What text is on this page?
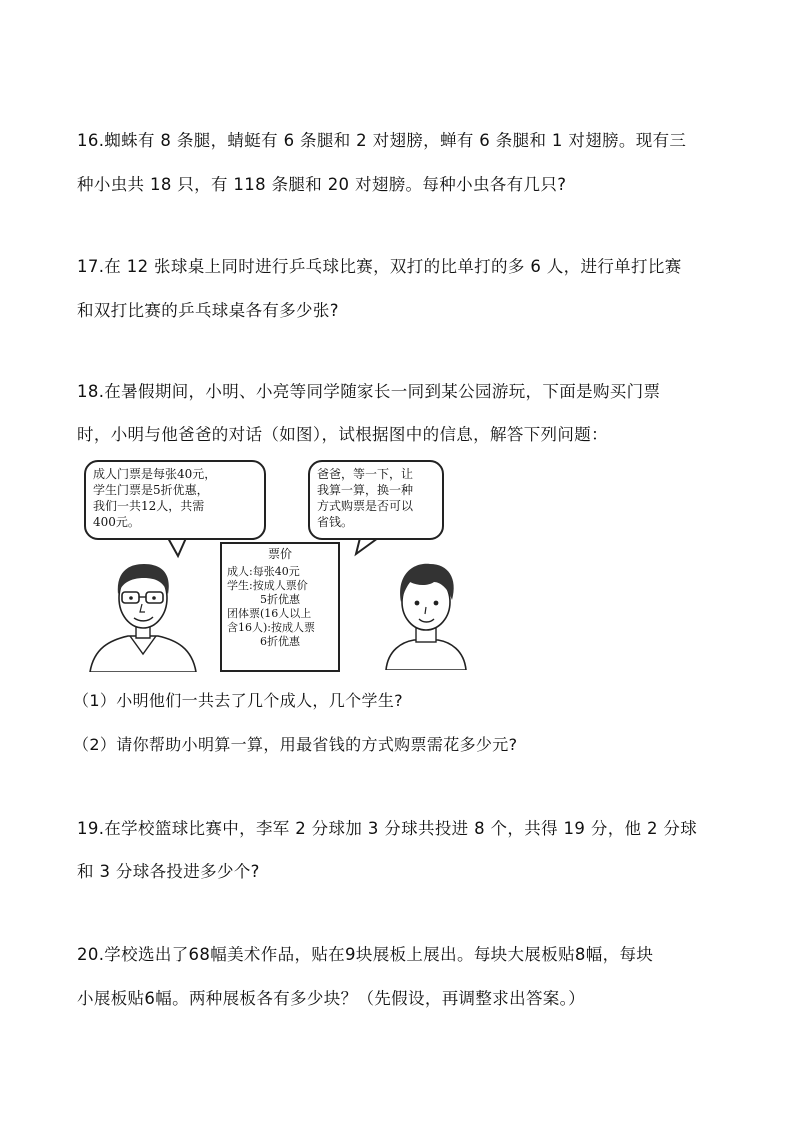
16.蜘蛛有 8 条腿，蜻蜓有 6 条腿和 2 对翅膀，蝉有 6 条腿和 1 对翅膀。现有三
种小虫共 18 只，有 118 条腿和 20 对翅膀。每种小虫各有几只?
17.在 12 张球桌上同时进行乒乓球比赛，双打的比单打的多 6 人，进行单打比赛
和双打比赛的乒乓球桌各有多少张?
18.在暑假期间，小明、小亮等同学随家长一同到某公园游玩，下面是购买门票
时，小明与他爸爸的对话（如图），试根据图中的信息，解答下列问题：
成人门票是每张40元，
学生门票是5折优惠，
我们一共12人，共需
400元。
爸爸，等一下，让
我算一算，换一种
方式购票是否可以
省钱。
票价
成人:每张40元
学生:按成人票价
5折优惠
团体票(16人以上
含16人):按成人票
6折优惠
（1）小明他们一共去了几个成人，几个学生?
（2）请你帮助小明算一算，用最省钱的方式购票需花多少元?
19.在学校篮球比赛中，李军 2 分球加 3 分球共投进 8 个，共得 19 分，他 2 分球
和 3 分球各投进多少个?
20.学校选出了68幅美术作品，贴在9块展板上展出。每块大展板贴8幅，每块
小展板贴6幅。两种展板各有多少块？（先假设，再调整求出答案。）
